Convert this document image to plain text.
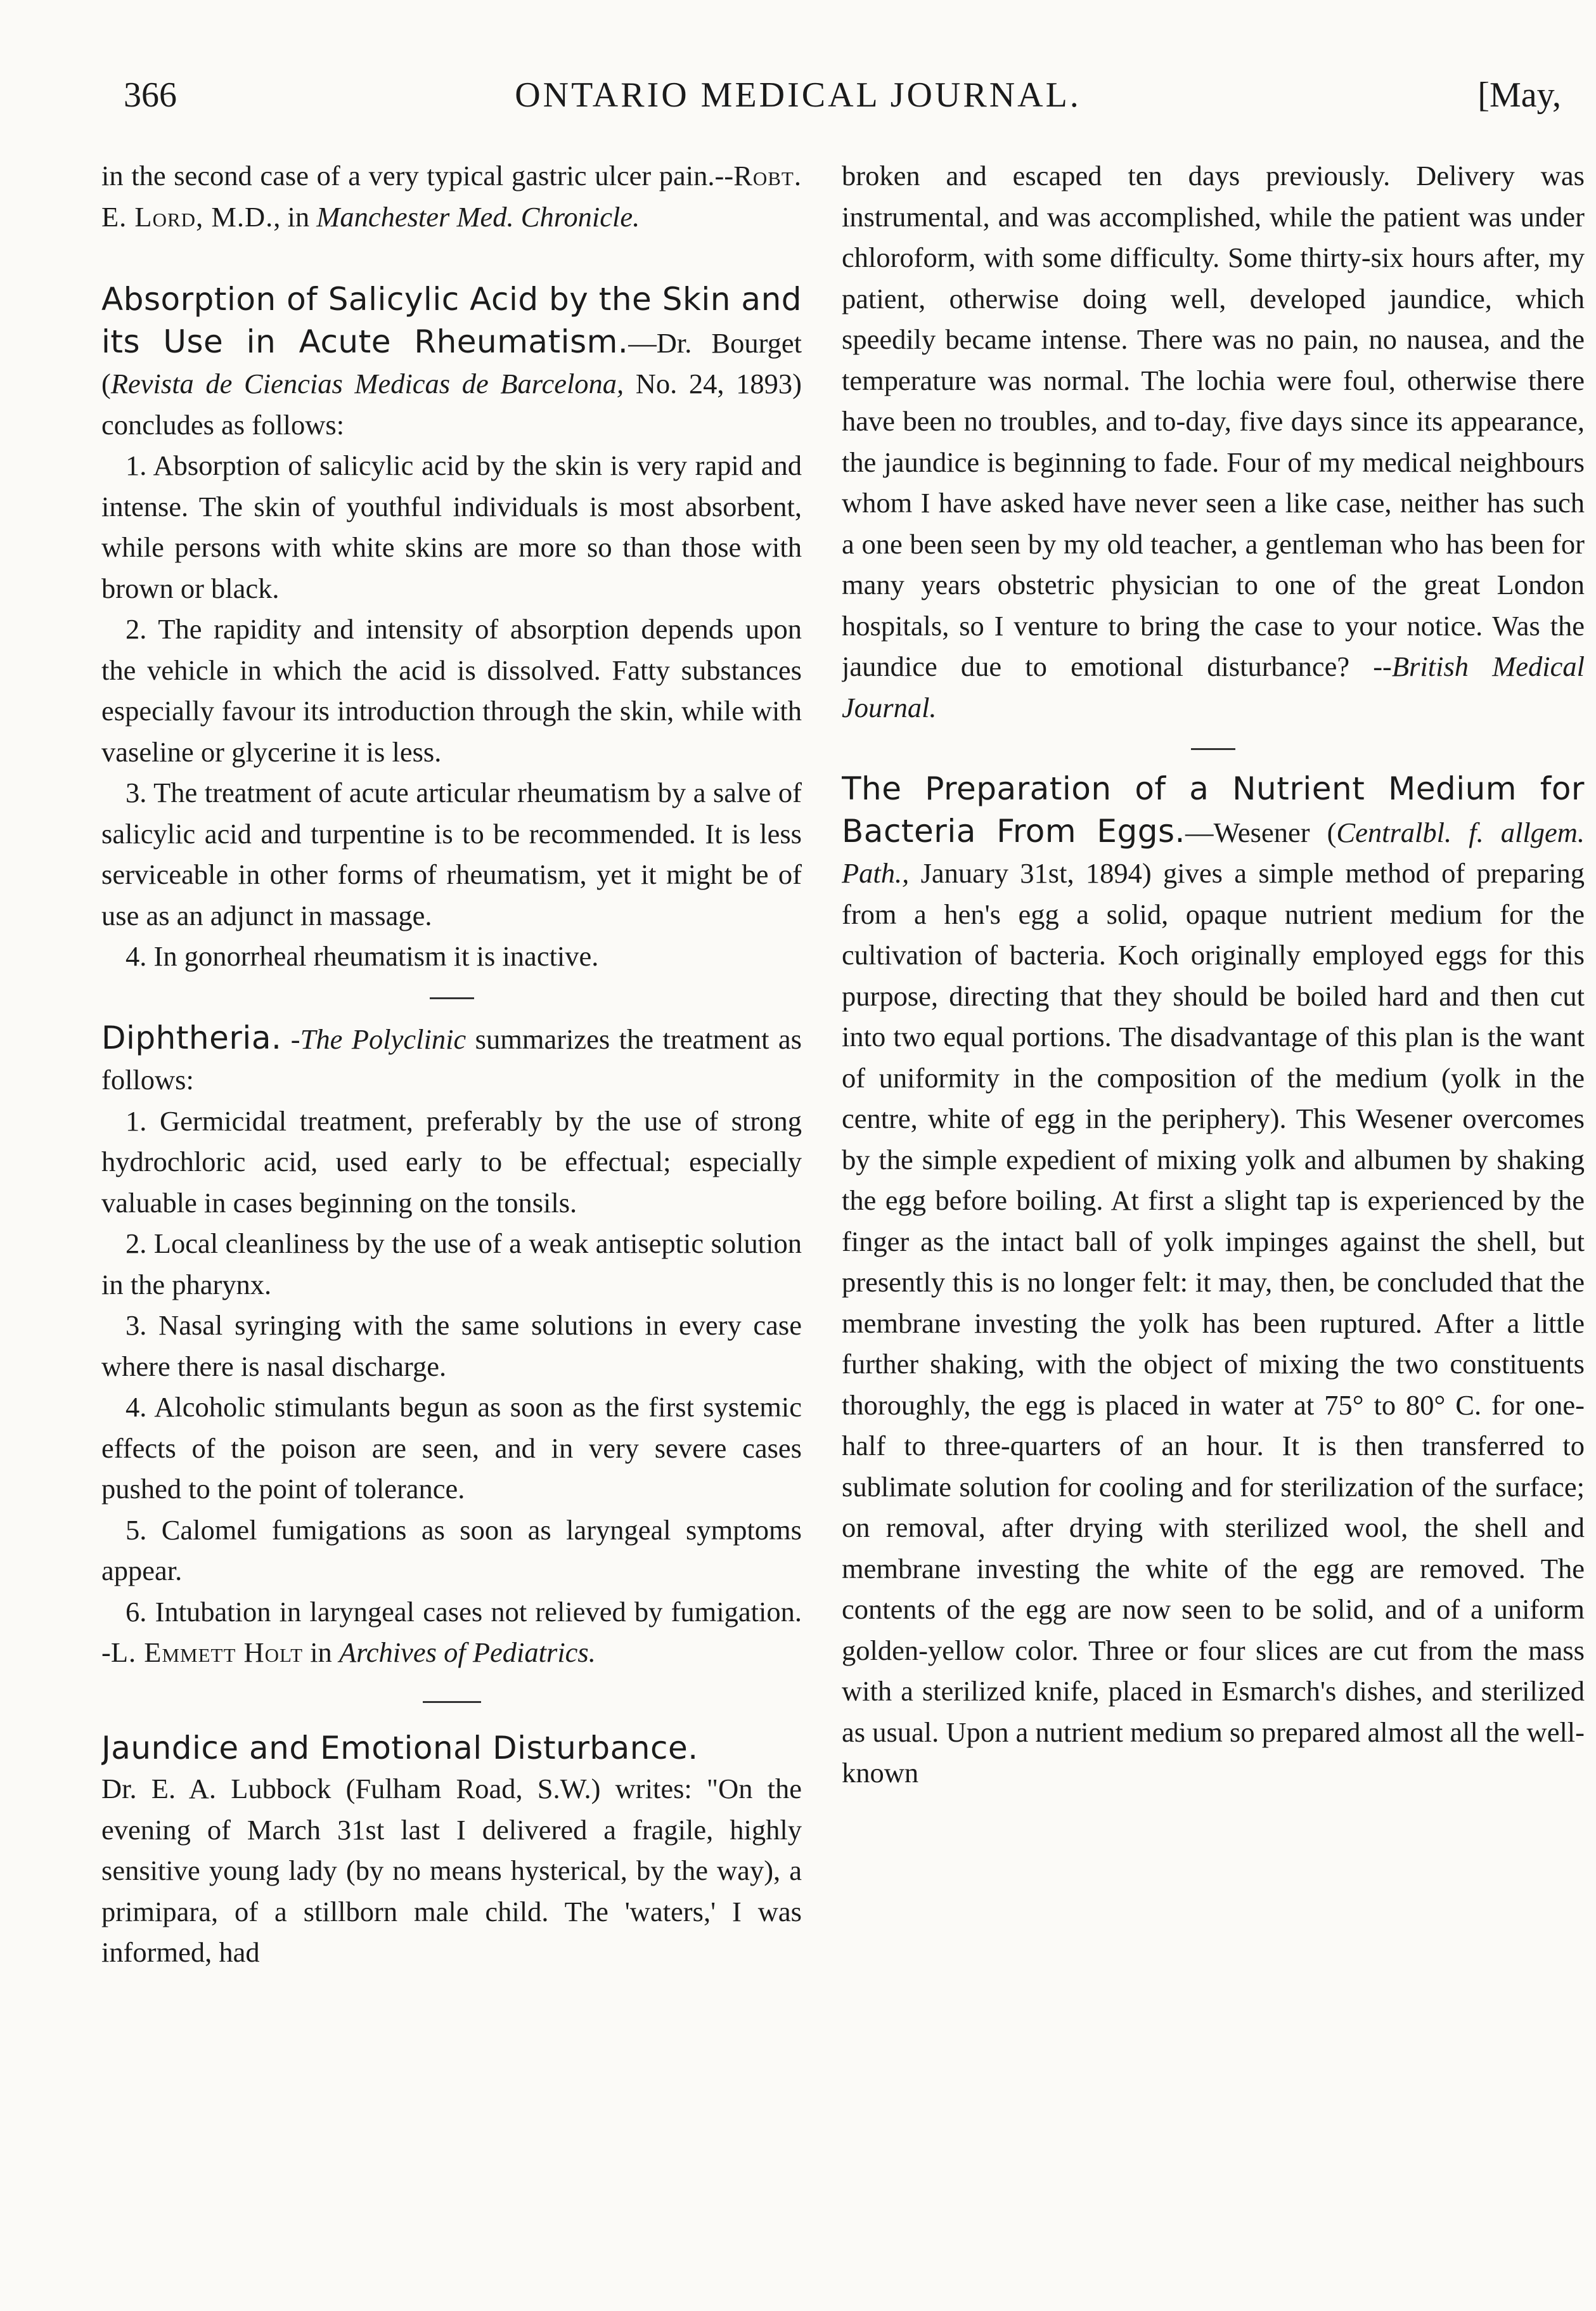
366	ONTARIO MEDICAL JOURNAL.	[May,

in the second case of a very typical gastric ulcer pain.--Robt. E. Lord, M.D., in Manchester Med. Chronicle.

Absorption of Salicylic Acid by the Skin and its Use in Acute Rheumatism.—Dr. Bourget (Revista de Ciencias Medicas de Barcelona, No. 24, 1893) concludes as follows:

1. Absorption of salicylic acid by the skin is very rapid and intense. The skin of youthful individuals is most absorbent, while persons with white skins are more so than those with brown or black.

2. The rapidity and intensity of absorption depends upon the vehicle in which the acid is dissolved. Fatty substances especially favour its introduction through the skin, while with vaseline or glycerine it is less.

3. The treatment of acute articular rheumatism by a salve of salicylic acid and turpentine is to be recommended. It is less serviceable in other forms of rheumatism, yet it might be of use as an adjunct in massage.

4. In gonorrheal rheumatism it is inactive.

Diphtheria. -The Polyclinic summarizes the treatment as follows:

1. Germicidal treatment, preferably by the use of strong hydrochloric acid, used early to be effectual; especially valuable in cases beginning on the tonsils.

2. Local cleanliness by the use of a weak antiseptic solution in the pharynx.

3. Nasal syringing with the same solutions in every case where there is nasal discharge.

4. Alcoholic stimulants begun as soon as the first systemic effects of the poison are seen, and in very severe cases pushed to the point of tolerance.

5. Calomel fumigations as soon as laryngeal symptoms appear.

6. Intubation in laryngeal cases not relieved by fumigation. -L. Emmett Holt in Archives of Pediatrics.

Jaundice and Emotional Disturbance.

Dr. E. A. Lubbock (Fulham Road, S.W.) writes: "On the evening of March 31st last I delivered a fragile, highly sensitive young lady (by no means hysterical, by the way), a primipara, of a stillborn male child. The 'waters,' I was informed, had

broken and escaped ten days previously. Delivery was instrumental, and was accomplished, while the patient was under chloroform, with some difficulty. Some thirty-six hours after, my patient, otherwise doing well, developed jaundice, which speedily became intense. There was no pain, no nausea, and the temperature was normal. The lochia were foul, otherwise there have been no troubles, and to-day, five days since its appearance, the jaundice is beginning to fade. Four of my medical neighbours whom I have asked have never seen a like case, neither has such a one been seen by my old teacher, a gentleman who has been for many years obstetric physician to one of the great London hospitals, so I venture to bring the case to your notice. Was the jaundice due to emotional disturbance? --British Medical Journal.

The Preparation of a Nutrient Medium for Bacteria From Eggs.—Wesener (Centralbl. f. allgem. Path., January 31st, 1894) gives a simple method of preparing from a hen's egg a solid, opaque nutrient medium for the cultivation of bacteria. Koch originally employed eggs for this purpose, directing that they should be boiled hard and then cut into two equal portions. The disadvantage of this plan is the want of uniformity in the composition of the medium (yolk in the centre, white of egg in the periphery). This Wesener overcomes by the simple expedient of mixing yolk and albumen by shaking the egg before boiling. At first a slight tap is experienced by the finger as the intact ball of yolk impinges against the shell, but presently this is no longer felt: it may, then, be concluded that the membrane investing the yolk has been ruptured. After a little further shaking, with the object of mixing the two constituents thoroughly, the egg is placed in water at 75° to 80° C. for one-half to three-quarters of an hour. It is then transferred to sublimate solution for cooling and for sterilization of the surface; on removal, after drying with sterilized wool, the shell and membrane investing the white of the egg are removed. The contents of the egg are now seen to be solid, and of a uniform golden-yellow color. Three or four slices are cut from the mass with a sterilized knife, placed in Esmarch's dishes, and sterilized as usual. Upon a nutrient medium so prepared almost all the well-known
